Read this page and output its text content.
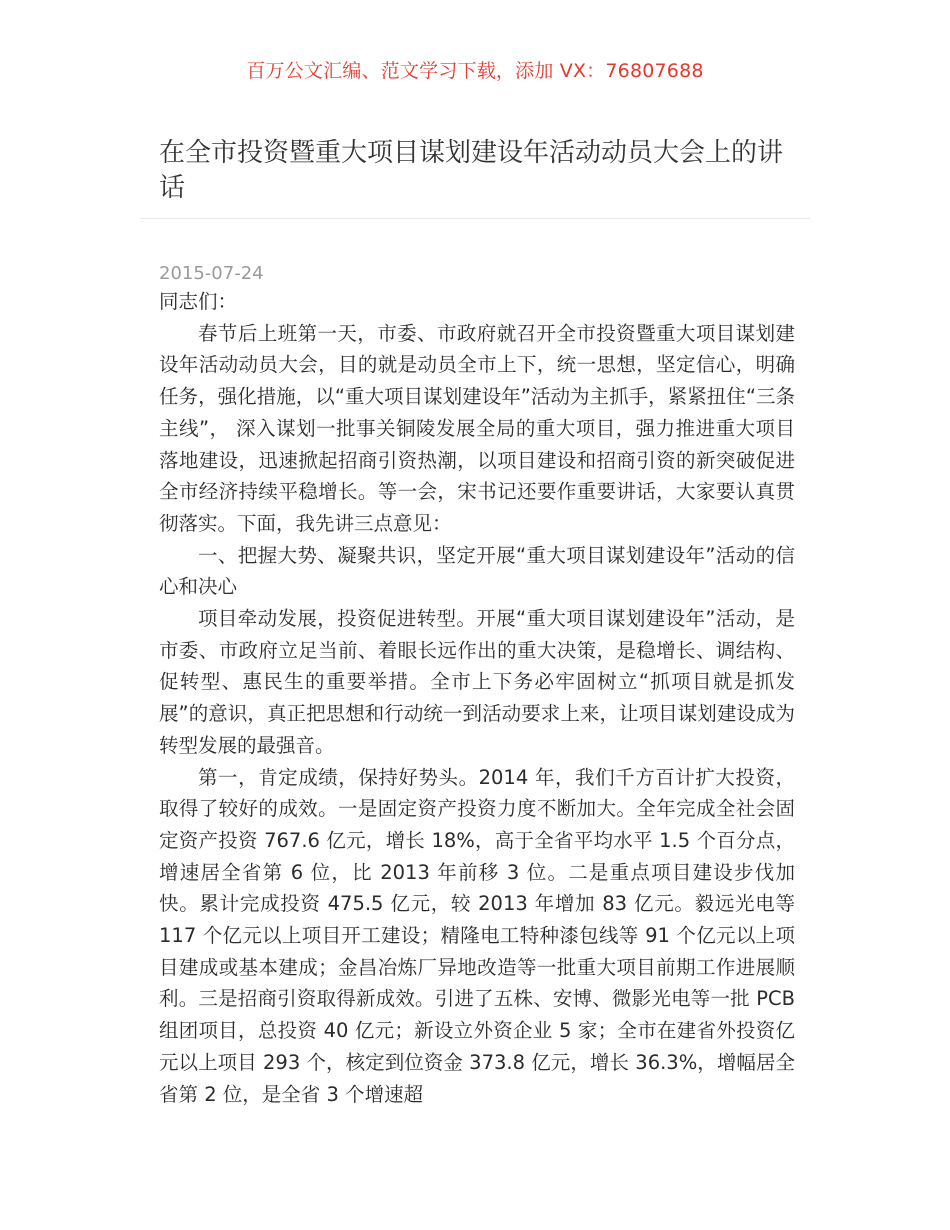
百万公文汇编、范文学习下载，添加 VX：76807688
在全市投资暨重大项目谋划建设年活动动员大会上的讲话
2015-07-24

同志们：

春节后上班第一天，市委、市政府就召开全市投资暨重大项目谋划建设年活动动员大会，目的就是动员全市上下，统一思想，坚定信心，明确任务，强化措施，以“重大项目谋划建设年”活动为主抓手，紧紧扭住“三条主线”， 深入谋划一批事关铜陵发展全局的重大项目，强力推进重大项目落地建设，迅速掀起招商引资热潮，以项目建设和招商引资的新突破促进全市经济持续平稳增长。等一会，宋书记还要作重要讲话，大家要认真贯彻落实。下面，我先讲三点意见：

一、把握大势、凝聚共识，坚定开展“重大项目谋划建设年”活动的信心和决心

项目牵动发展，投资促进转型。开展“重大项目谋划建设年”活动，是市委、市政府立足当前、着眼长远作出的重大决策，是稳增长、调结构、促转型、惠民生的重要举措。全市上下务必牢固树立“抓项目就是抓发展”的意识，真正把思想和行动统一到活动要求上来，让项目谋划建设成为转型发展的最强音。

第一，肯定成绩，保持好势头。2014 年，我们千方百计扩大投资，取得了较好的成效。一是固定资产投资力度不断加大。全年完成全社会固定资产投资 767.6 亿元，增长 18%，高于全省平均水平 1.5 个百分点，增速居全省第 6 位，比 2013 年前移 3 位。二是重点项目建设步伐加快。累计完成投资 475.5 亿元，较 2013 年增加 83 亿元。毅远光电等 117 个亿元以上项目开工建设；精隆电工特种漆包线等 91 个亿元以上项目建成或基本建成；金昌冶炼厂异地改造等一批重大项目前期工作进展顺利。三是招商引资取得新成效。引进了五株、安博、微影光电等一批 PCB 组团项目，总投资 40 亿元；新设立外资企业 5 家；全市在建省外投资亿元以上项目 293 个，核定到位资金 373.8 亿元，增长 36.3%，增幅居全省第 2 位，是全省 3 个增速超
